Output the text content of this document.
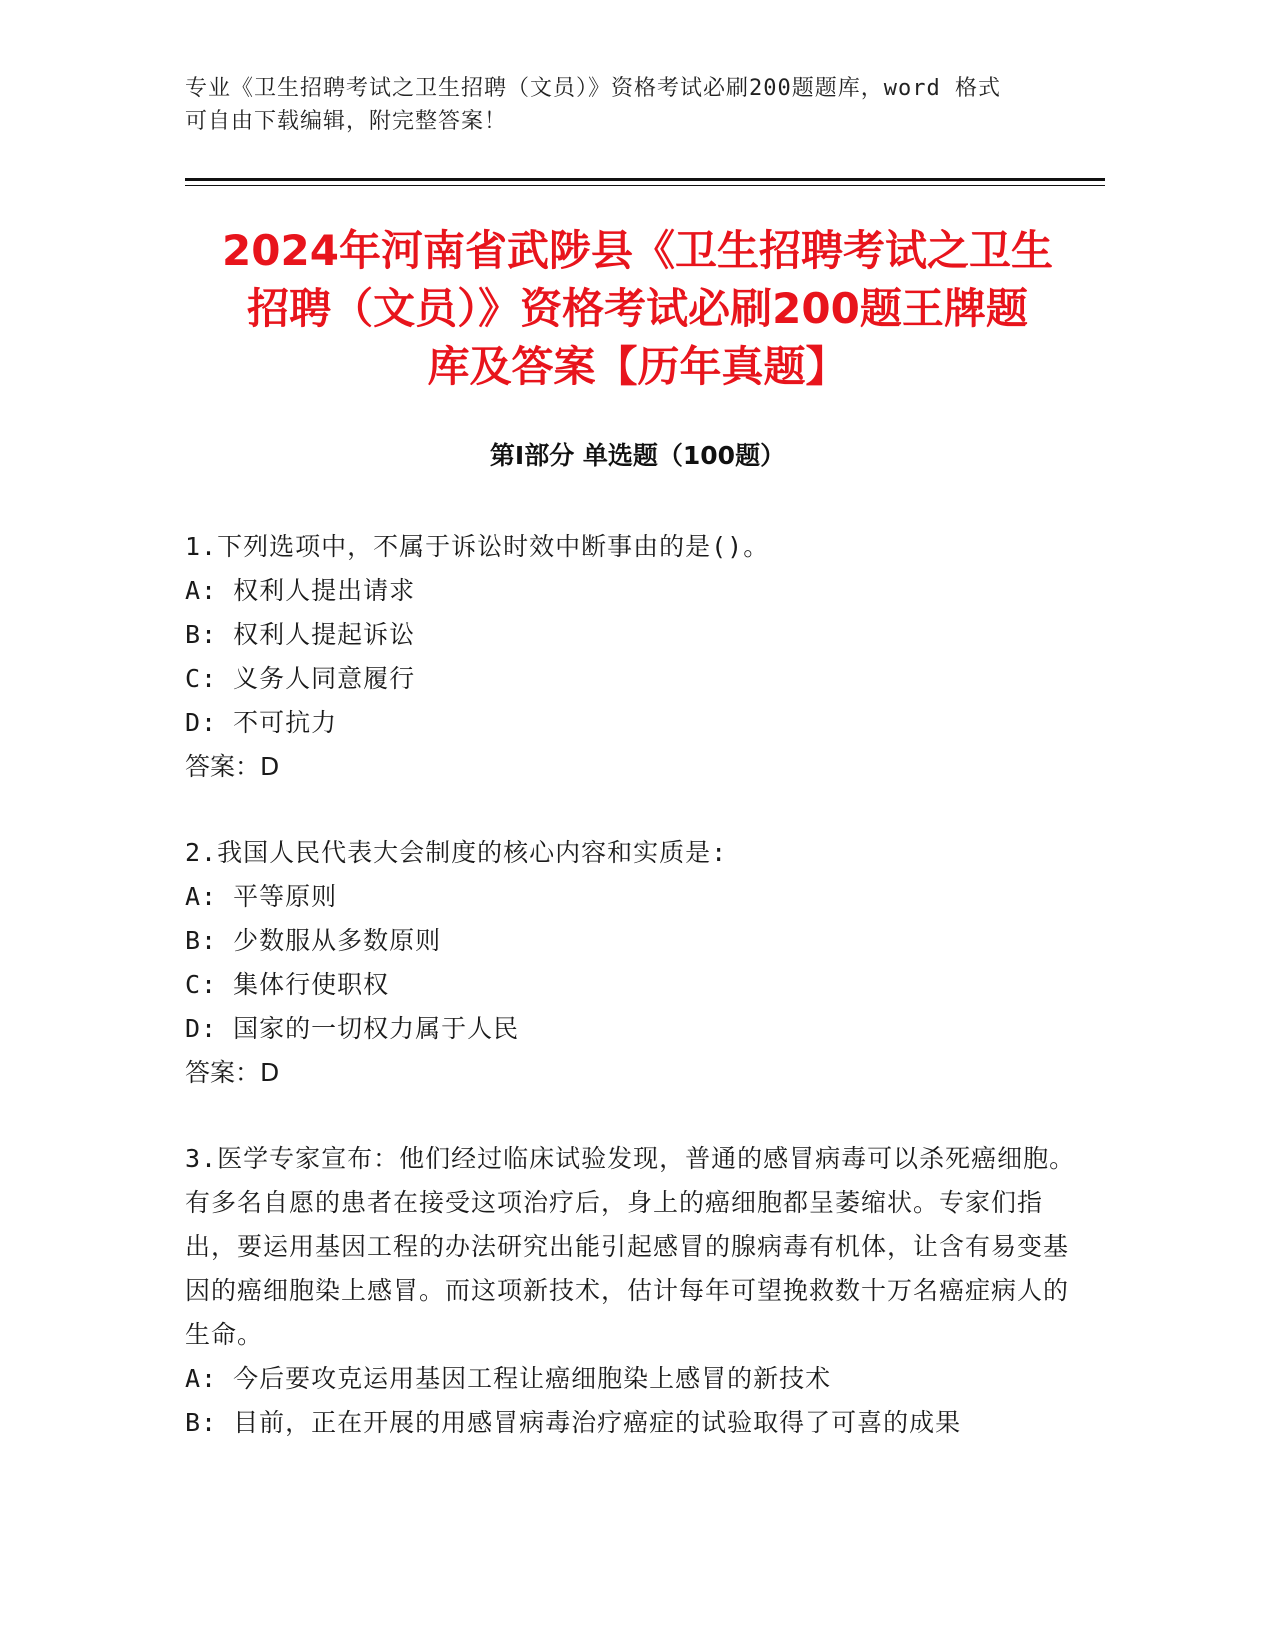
专业《卫生招聘考试之卫生招聘（文员）》资格考试必刷200题题库，word 格式
可自由下载编辑，附完整答案！
2024年河南省武陟县《卫生招聘考试之卫生
招聘（文员）》资格考试必刷200题王牌题
库及答案【历年真题】
第Ⅰ部分 单选题（100题）
1.下列选项中，不属于诉讼时效中断事由的是()。
A: 权利人提出请求
B: 权利人提起诉讼
C: 义务人同意履行
D: 不可抗力
答案：D
2.我国人民代表大会制度的核心内容和实质是:
A: 平等原则
B: 少数服从多数原则
C: 集体行使职权
D: 国家的一切权力属于人民
答案：D
3.医学专家宣布：他们经过临床试验发现，普通的感冒病毒可以杀死癌细胞。有多名自愿的患者在接受这项治疗后，身上的癌细胞都呈萎缩状。专家们指出，要运用基因工程的办法研究出能引起感冒的腺病毒有机体，让含有易变基因的癌细胞染上感冒。而这项新技术，估计每年可望挽救数十万名癌症病人的生命。
A: 今后要攻克运用基因工程让癌细胞染上感冒的新技术
B: 目前，正在开展的用感冒病毒治疗癌症的试验取得了可喜的成果
